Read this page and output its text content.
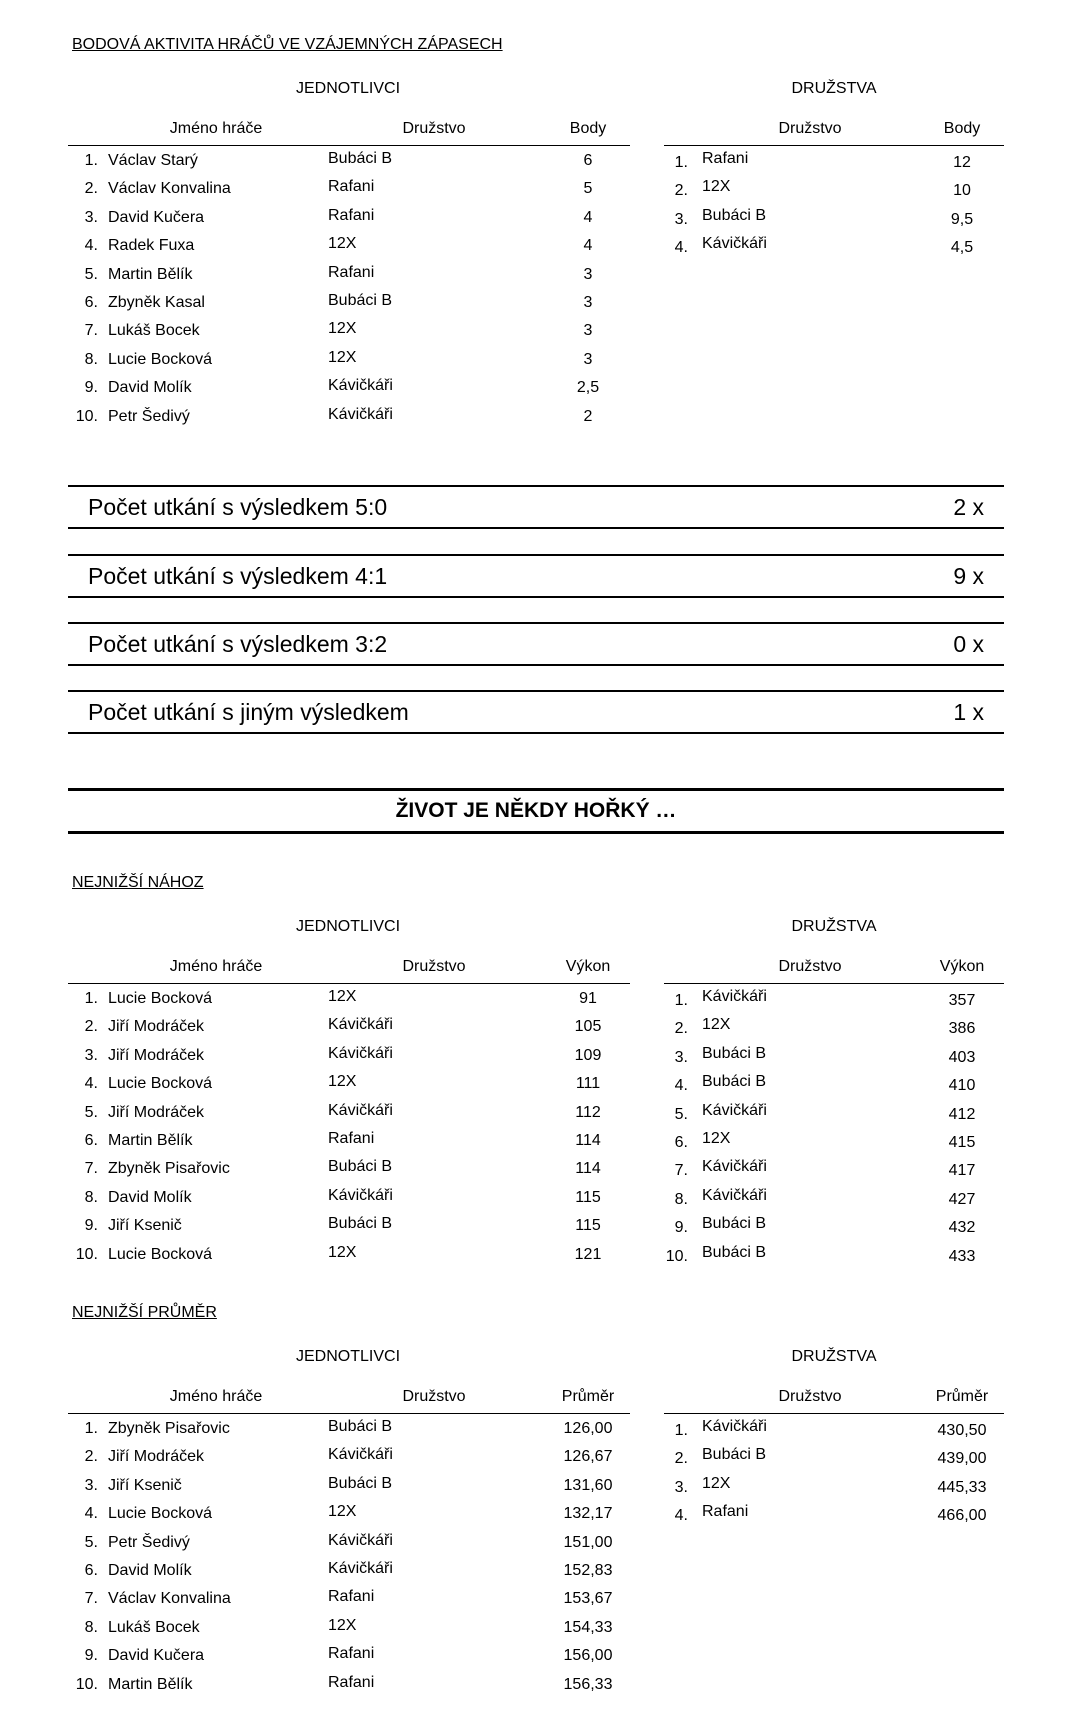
BODOVÁ AKTIVITA HRÁČŮ VE VZÁJEMNÝCH ZÁPASECH
JEDNOTLIVCI
Jméno hráče	Družstvo	Body
1. Václav Starý	Bubáci B	6
2. Václav Konvalina	Rafani	5
3. David Kučera	Rafani	4
4. Radek Fuxa	12X	4
5. Martin Bělík	Rafani	3
6. Zbyněk Kasal	Bubáci B	3
7. Lukáš Bocek	12X	3
8. Lucie Bocková	12X	3
9. David Molík	Kávičkáři	2,5
10. Petr Šedivý	Kávičkáři	2
DRUŽSTVA
Družstvo	Body
1. Rafani	12
2. 12X	10
3. Bubáci B	9,5
4. Kávičkáři	4,5
Počet utkání s výsledkem 5:0	2 x
Počet utkání s výsledkem 4:1	9 x
Počet utkání s výsledkem 3:2	0 x
Počet utkání s jiným výsledkem	1 x
ŽIVOT JE NĚKDY HOŘKÝ …
NEJNIŽŠÍ NÁHOZ
JEDNOTLIVCI
Jméno hráče	Družstvo	Výkon
1. Lucie Bocková	12X	91
2. Jiří Modráček	Kávičkáři	105
3. Jiří Modráček	Kávičkáři	109
4. Lucie Bocková	12X	111
5. Jiří Modráček	Kávičkáři	112
6. Martin Bělík	Rafani	114
7. Zbyněk Pisařovic	Bubáci B	114
8. David Molík	Kávičkáři	115
9. Jiří Ksenič	Bubáci B	115
10. Lucie Bocková	12X	121
DRUŽSTVA
Družstvo	Výkon
1. Kávičkáři	357
2. 12X	386
3. Bubáci B	403
4. Bubáci B	410
5. Kávičkáři	412
6. 12X	415
7. Kávičkáři	417
8. Kávičkáři	427
9. Bubáci B	432
10. Bubáci B	433
NEJNIŽŠÍ PRŮMĚR
JEDNOTLIVCI
Jméno hráče	Družstvo	Průměr
1. Zbyněk Pisařovic	Bubáci B	126,00
2. Jiří Modráček	Kávičkáři	126,67
3. Jiří Ksenič	Bubáci B	131,60
4. Lucie Bocková	12X	132,17
5. Petr Šedivý	Kávičkáři	151,00
6. David Molík	Kávičkáři	152,83
7. Václav Konvalina	Rafani	153,67
8. Lukáš Bocek	12X	154,33
9. David Kučera	Rafani	156,00
10. Martin Bělík	Rafani	156,33
DRUŽSTVA
Družstvo	Průměr
1. Kávičkáři	430,50
2. Bubáci B	439,00
3. 12X	445,33
4. Rafani	466,00
